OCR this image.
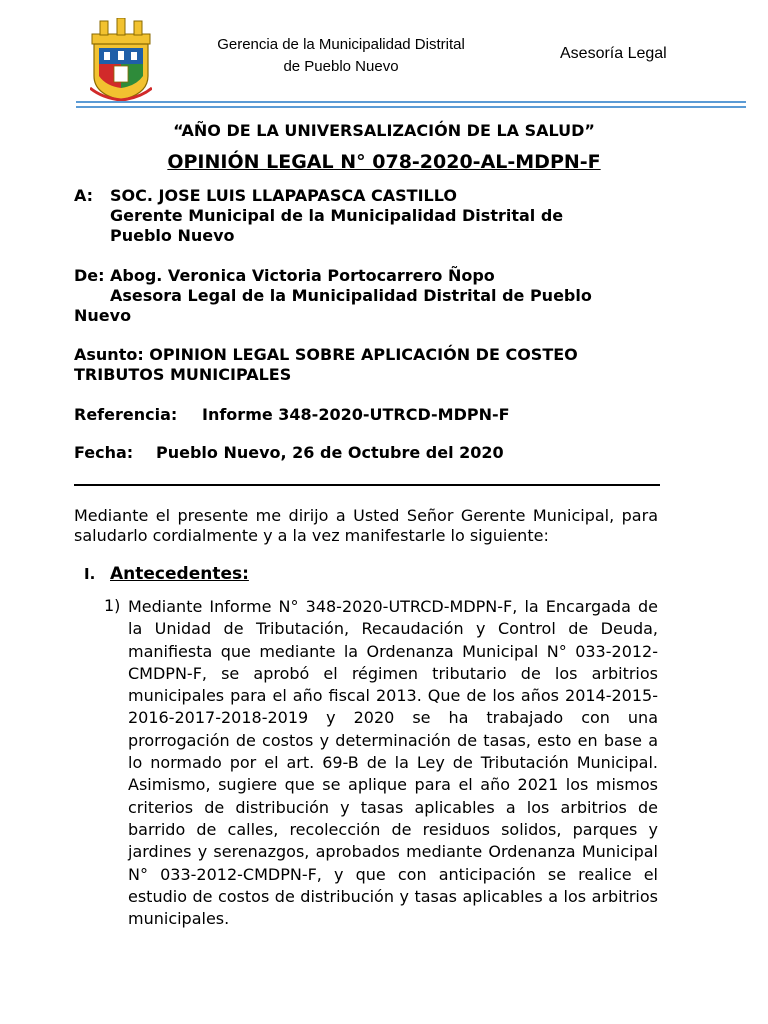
Gerencia de la Municipalidad Distrital
de Pueblo Nuevo
Asesoría Legal
“AÑO DE LA UNIVERSALIZACIÓN DE LA SALUD”
OPINIÓN LEGAL N° 078-2020-AL-MDPN-F
A: SOC. JOSE LUIS LLAPAPASCA CASTILLO
Gerente Municipal de la Municipalidad Distrital de
Pueblo Nuevo
De: Abog. Veronica Victoria Portocarrero Ñopo
Asesora Legal de la Municipalidad Distrital de Pueblo
Nuevo
Asunto: OPINION LEGAL SOBRE APLICACIÓN DE COSTEO
TRIBUTOS MUNICIPALES
Referencia: Informe 348-2020-UTRCD-MDPN-F
Fecha: Pueblo Nuevo, 26 de Octubre del 2020
Mediante el presente me dirijo a Usted Señor Gerente Municipal, para saludarlo cordialmente y a la vez manifestarle lo siguiente:
I. Antecedentes:
1) Mediante Informe N° 348-2020-UTRCD-MDPN-F, la Encargada de la Unidad de Tributación, Recaudación y Control de Deuda, manifiesta que mediante la Ordenanza Municipal N° 033-2012-CMDPN-F, se aprobó el régimen tributario de los arbitrios municipales para el año fiscal 2013. Que de los años 2014-2015-2016-2017-2018-2019 y 2020 se ha trabajado con una prorrogación de costos y determinación de tasas, esto en base a lo normado por el art. 69-B de la Ley de Tributación Municipal. Asimismo, sugiere que se aplique para el año 2021 los mismos criterios de distribución y tasas aplicables a los arbitrios de barrido de calles, recolección de residuos solidos, parques y jardines y serenazgos, aprobados mediante Ordenanza Municipal N° 033-2012-CMDPN-F, y que con anticipación se realice el estudio de costos de distribución y tasas aplicables a los arbitrios municipales.
